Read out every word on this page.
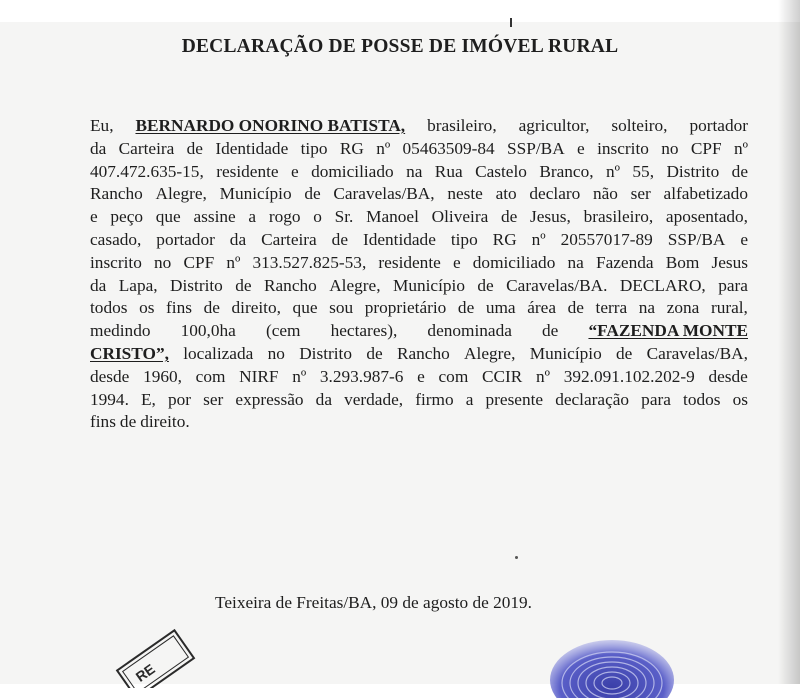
DECLARAÇÃO DE POSSE DE IMÓVEL RURAL
Eu, BERNARDO ONORINO BATISTA, brasileiro, agricultor, solteiro, portador
da Carteira de Identidade tipo RG nº 05463509-84 SSP/BA e inscrito no CPF nº
407.472.635-15, residente e domiciliado na Rua Castelo Branco, nº 55, Distrito de
Rancho Alegre, Município de Caravelas/BA, neste ato declaro não ser alfabetizado
e peço que assine a rogo o Sr. Manoel Oliveira de Jesus, brasileiro, aposentado,
casado, portador da Carteira de Identidade tipo RG nº 20557017-89 SSP/BA e
inscrito no CPF nº 313.527.825-53, residente e domiciliado na Fazenda Bom Jesus
da Lapa, Distrito de Rancho Alegre, Município de Caravelas/BA. DECLARO, para
todos os fins de direito, que sou proprietário de uma área de terra na zona rural,
medindo 100,0ha (cem hectares), denominada de “FAZENDA MONTE
CRISTO”, localizada no Distrito de Rancho Alegre, Município de Caravelas/BA,
desde 1960, com NIRF nº 3.293.987-6 e com CCIR nº 392.091.102.202-9 desde
1994. E, por ser expressão da verdade, firmo a presente declaração para todos os
fins de direito.

Teixeira de Freitas/BA, 09 de agosto de 2019.

RE
